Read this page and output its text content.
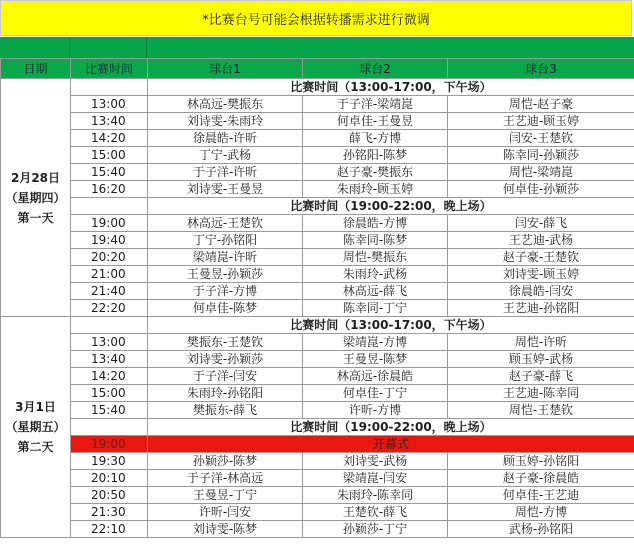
*比赛台号可能会根据转播需求进行微调
日期	比赛时间	球台1	球台2	球台3

2月28日
（星期四）
第一天		比赛时间（13:00-17:00，下午场）		
	13:00	林高远-樊振东	于子洋-梁靖崑	周恺-赵子豪
	13:40	刘诗雯-朱雨玲	何卓佳-王曼昱	王艺迪-顾玉婷
	14:20	徐晨皓-许昕	薛飞-方博	闫安-王楚钦
	15:00	丁宁-武杨	孙铭阳-陈梦	陈幸同-孙颖莎
	15:40	于子洋-许昕	赵子豪-樊振东	周恺-梁靖崑
	16:20	刘诗雯-王曼昱	朱雨玲-顾玉婷	何卓佳-孙颖莎
		比赛时间（19:00-22:00，晚上场）		
	19:00	林高远-王楚钦	徐晨皓-方博	闫安-薛飞
	19:40	丁宁-孙铭阳	陈幸同-陈梦	王艺迪-武杨
	20:20	梁靖崑-许昕	周恺-樊振东	赵子豪-王楚钦
	21:00	王曼昱-孙颖莎	朱雨玲-武杨	刘诗雯-顾玉婷
	21:40	于子洋-方博	林高远-薛飞	徐晨皓-闫安
	22:20	何卓佳-陈梦	陈幸同-丁宁	王艺迪-孙铭阳

3月1日
（星期五）
第二天		比赛时间（13:00-17:00，下午场）		
	13:00	樊振东-王楚钦	梁靖崑-方博	周恺-许昕
	13:40	刘诗雯-孙颖莎	王曼昱-陈梦	顾玉婷-武杨
	14:20	于子洋-闫安	林高远-徐晨皓	赵子豪-薛飞
	15:00	朱雨玲-孙铭阳	何卓佳-丁宁	王艺迪-陈幸同
	15:40	樊振东-薛飞	许昕-方博	周恺-王楚钦
		比赛时间（19:00-22:00，晚上场）		
	19:00	开幕式		
	19:30	孙颖莎-陈梦	刘诗雯-武杨	顾玉婷-孙铭阳
	20:10	于子洋-林高远	梁靖崑-闫安	赵子豪-徐晨皓
	20:50	王曼昱-丁宁	朱雨玲-陈幸同	何卓佳-王艺迪
	21:30	许昕-闫安	王楚钦-薛飞	周恺-方博
	22:10	刘诗雯-陈梦	孙颖莎-丁宁	武杨-孙铭阳
